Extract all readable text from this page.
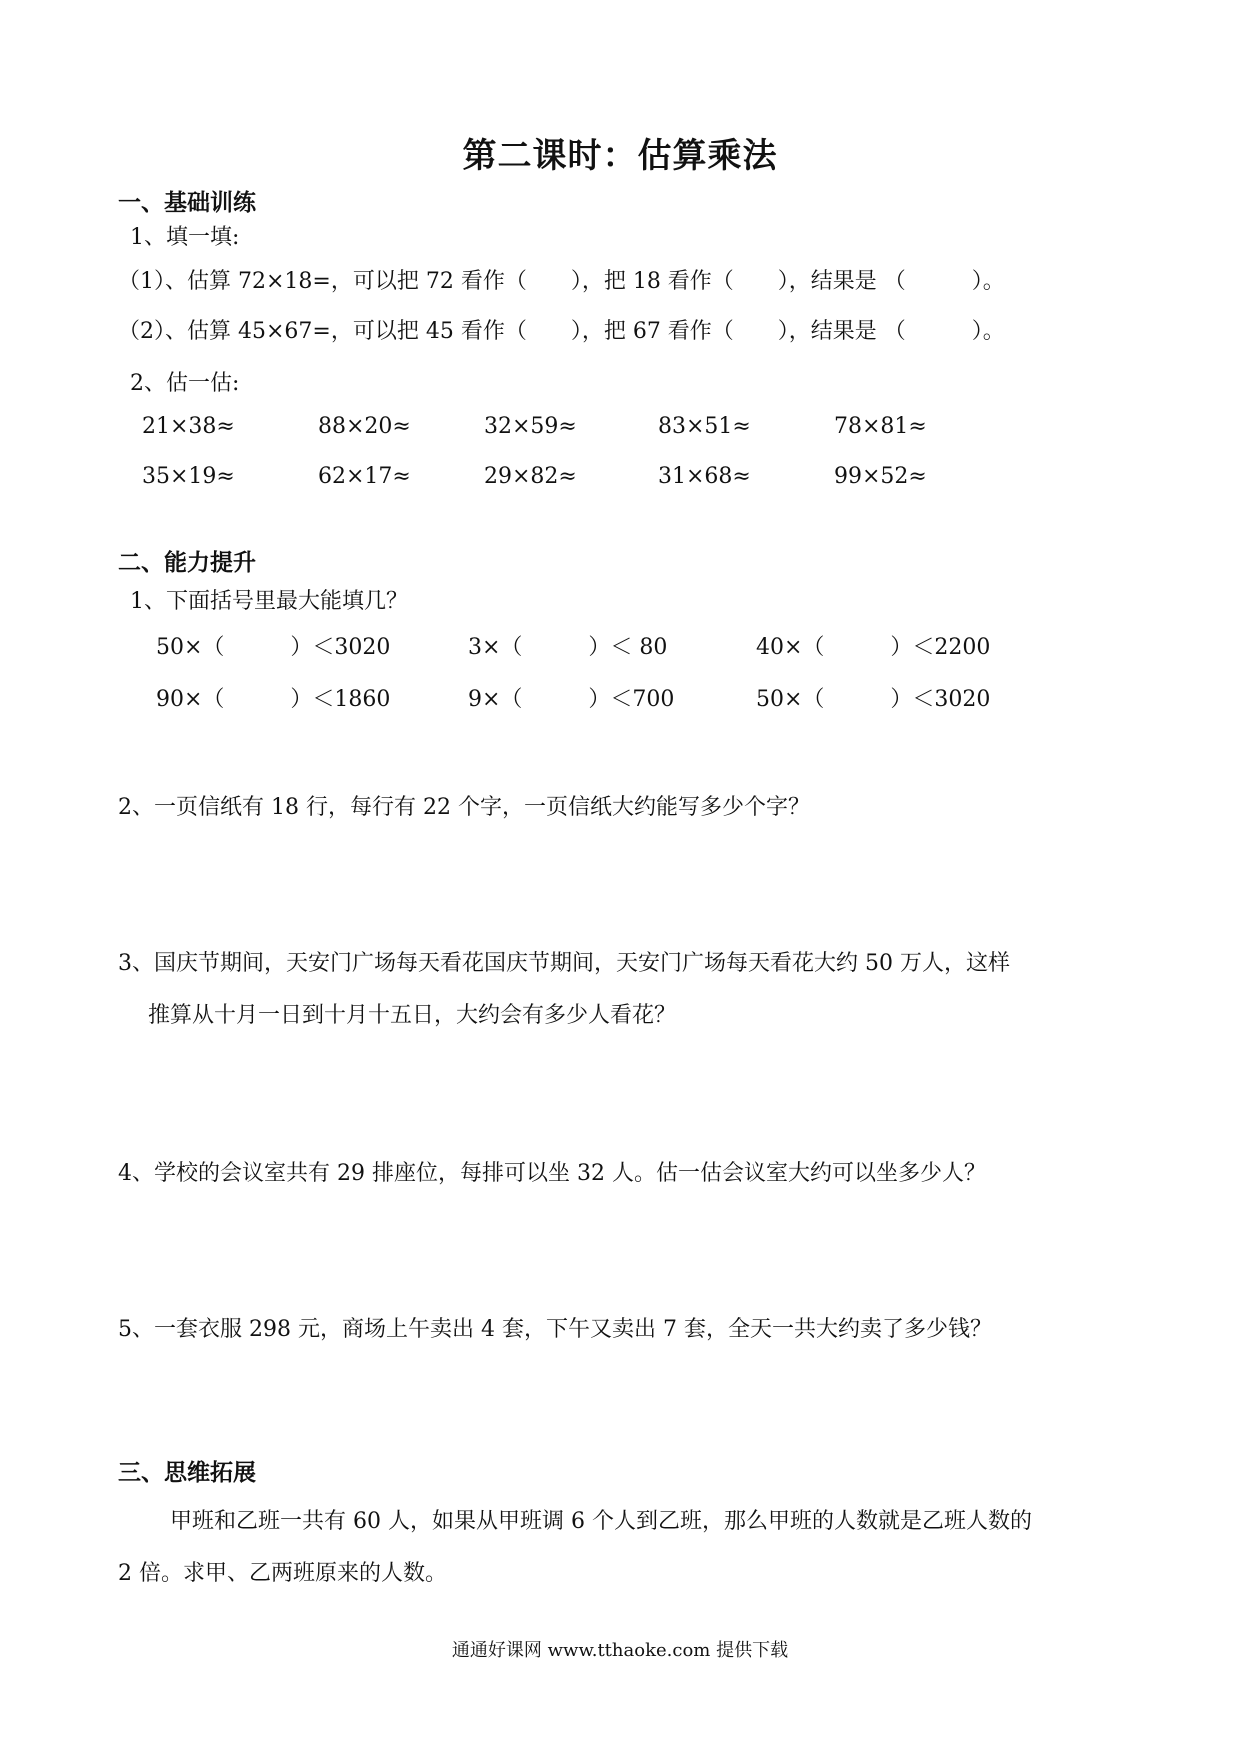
第二课时：估算乘法
一、基础训练
1、填一填:
（1）、估算 72×18=，可以把 72 看作（　　），把 18 看作（　　），结果是 （　　　）。
（2）、估算 45×67=，可以把 45 看作（　　），把 67 看作（　　），结果是 （　　　）。
2、估一估:
21×38≈	88×20≈	32×59≈	83×51≈	78×81≈
35×19≈	62×17≈	29×82≈	31×68≈	99×52≈
二、能力提升
1、下面括号里最大能填几？
50×（　　　）＜3020	3×（　　　）＜ 80	40×（　　　）＜2200
90×（　　　）＜1860	9×（　　　）＜700	50×（　　　）＜3020
2、一页信纸有 18 行，每行有 22 个字，一页信纸大约能写多少个字？
3、国庆节期间，天安门广场每天看花国庆节期间，天安门广场每天看花大约 50 万人，这样
推算从十月一日到十月十五日，大约会有多少人看花？
4、学校的会议室共有 29 排座位，每排可以坐 32 人。估一估会议室大约可以坐多少人？
5、一套衣服 298 元，商场上午卖出 4 套，下午又卖出 7 套，全天一共大约卖了多少钱？
三、思维拓展
甲班和乙班一共有 60 人，如果从甲班调 6 个人到乙班，那么甲班的人数就是乙班人数的
2 倍。求甲、乙两班原来的人数。
通通好课网 www.tthaoke.com 提供下载
